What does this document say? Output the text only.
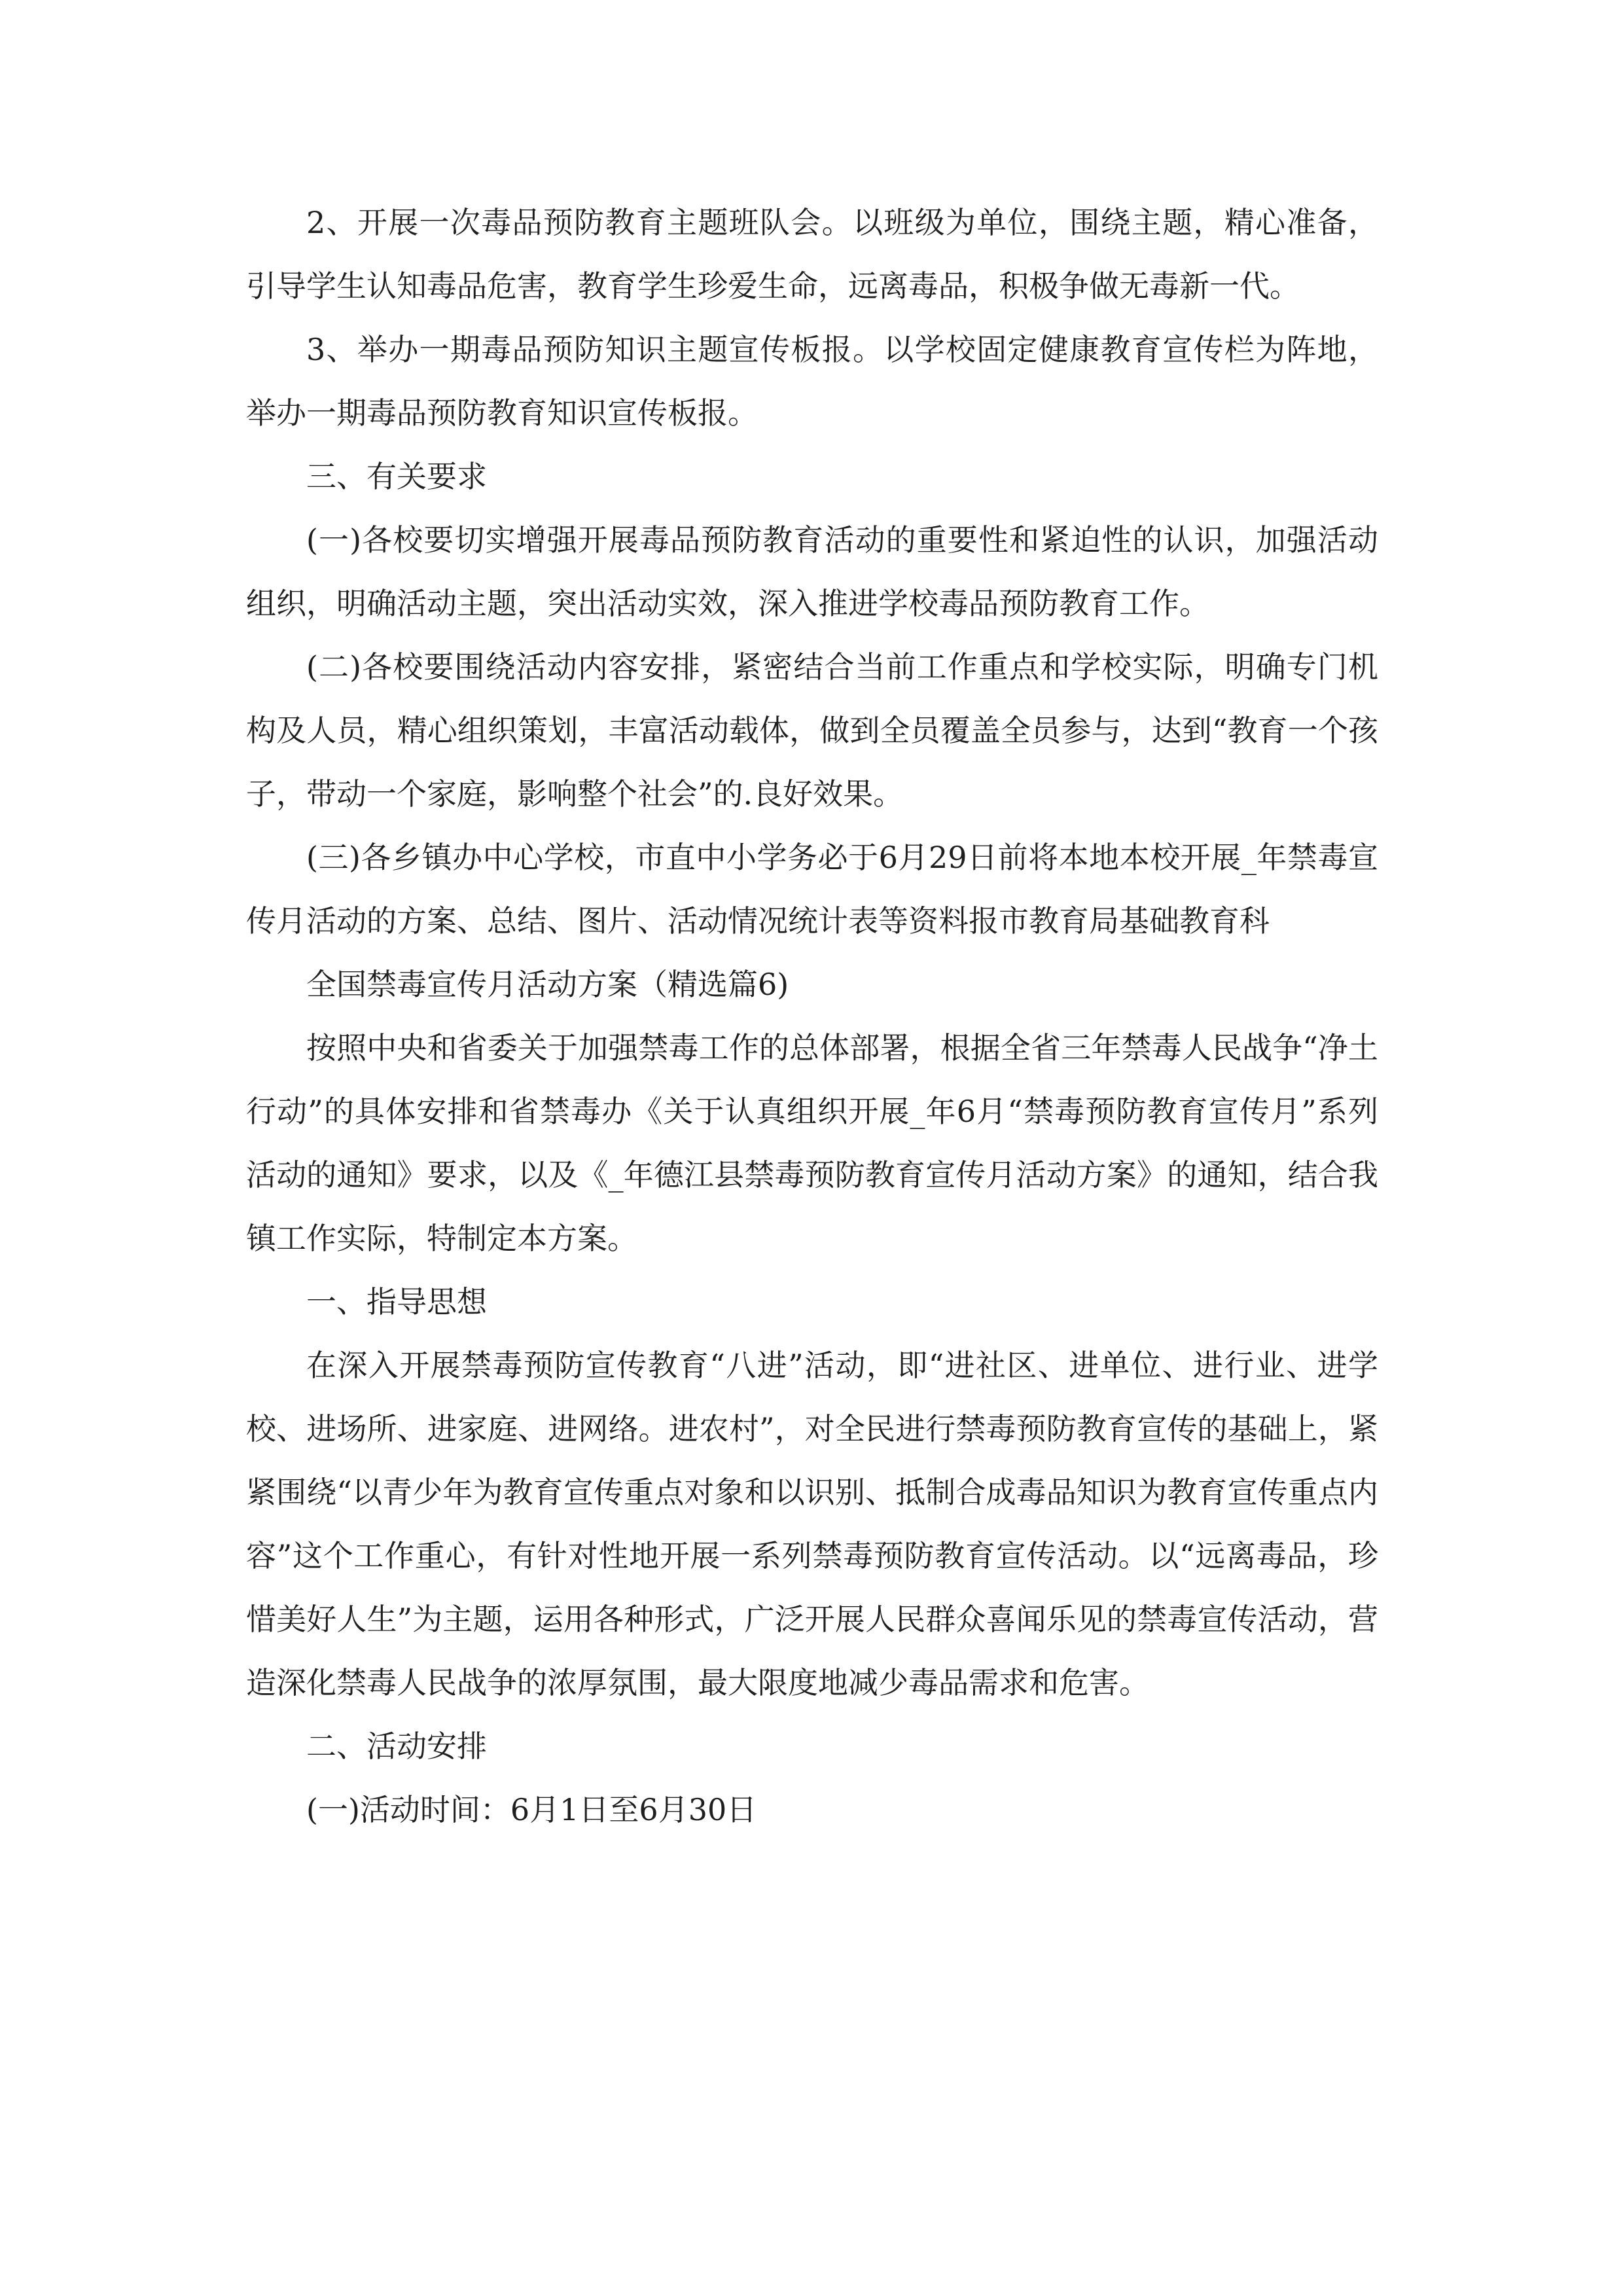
2、开展一次毒品预防教育主题班队会。以班级为单位，围绕主题，精心准备，引导学生认知毒品危害，教育学生珍爱生命，远离毒品，积极争做无毒新一代。

3、举办一期毒品预防知识主题宣传板报。以学校固定健康教育宣传栏为阵地，举办一期毒品预防教育知识宣传板报。

三、有关要求

(一)各校要切实增强开展毒品预防教育活动的重要性和紧迫性的认识，加强活动组织，明确活动主题，突出活动实效，深入推进学校毒品预防教育工作。

(二)各校要围绕活动内容安排，紧密结合当前工作重点和学校实际，明确专门机构及人员，精心组织策划，丰富活动载体，做到全员覆盖全员参与，达到“教育一个孩子，带动一个家庭，影响整个社会”的.良好效果。

(三)各乡镇办中心学校，市直中小学务必于6月29日前将本地本校开展_年禁毒宣传月活动的方案、总结、图片、活动情况统计表等资料报市教育局基础教育科

全国禁毒宣传月活动方案（精选篇6)

按照中央和省委关于加强禁毒工作的总体部署，根据全省三年禁毒人民战争“净土行动”的具体安排和省禁毒办《关于认真组织开展_年6月“禁毒预防教育宣传月”系列活动的通知》要求，以及《_年德江县禁毒预防教育宣传月活动方案》的通知，结合我镇工作实际，特制定本方案。

一、指导思想

在深入开展禁毒预防宣传教育“八进”活动，即“进社区、进单位、进行业、进学校、进场所、进家庭、进网络。进农村”，对全民进行禁毒预防教育宣传的基础上，紧紧围绕“以青少年为教育宣传重点对象和以识别、抵制合成毒品知识为教育宣传重点内容”这个工作重心，有针对性地开展一系列禁毒预防教育宣传活动。以“远离毒品，珍惜美好人生”为主题，运用各种形式，广泛开展人民群众喜闻乐见的禁毒宣传活动，营造深化禁毒人民战争的浓厚氛围，最大限度地减少毒品需求和危害。

二、活动安排

(一)活动时间：6月1日至6月30日
